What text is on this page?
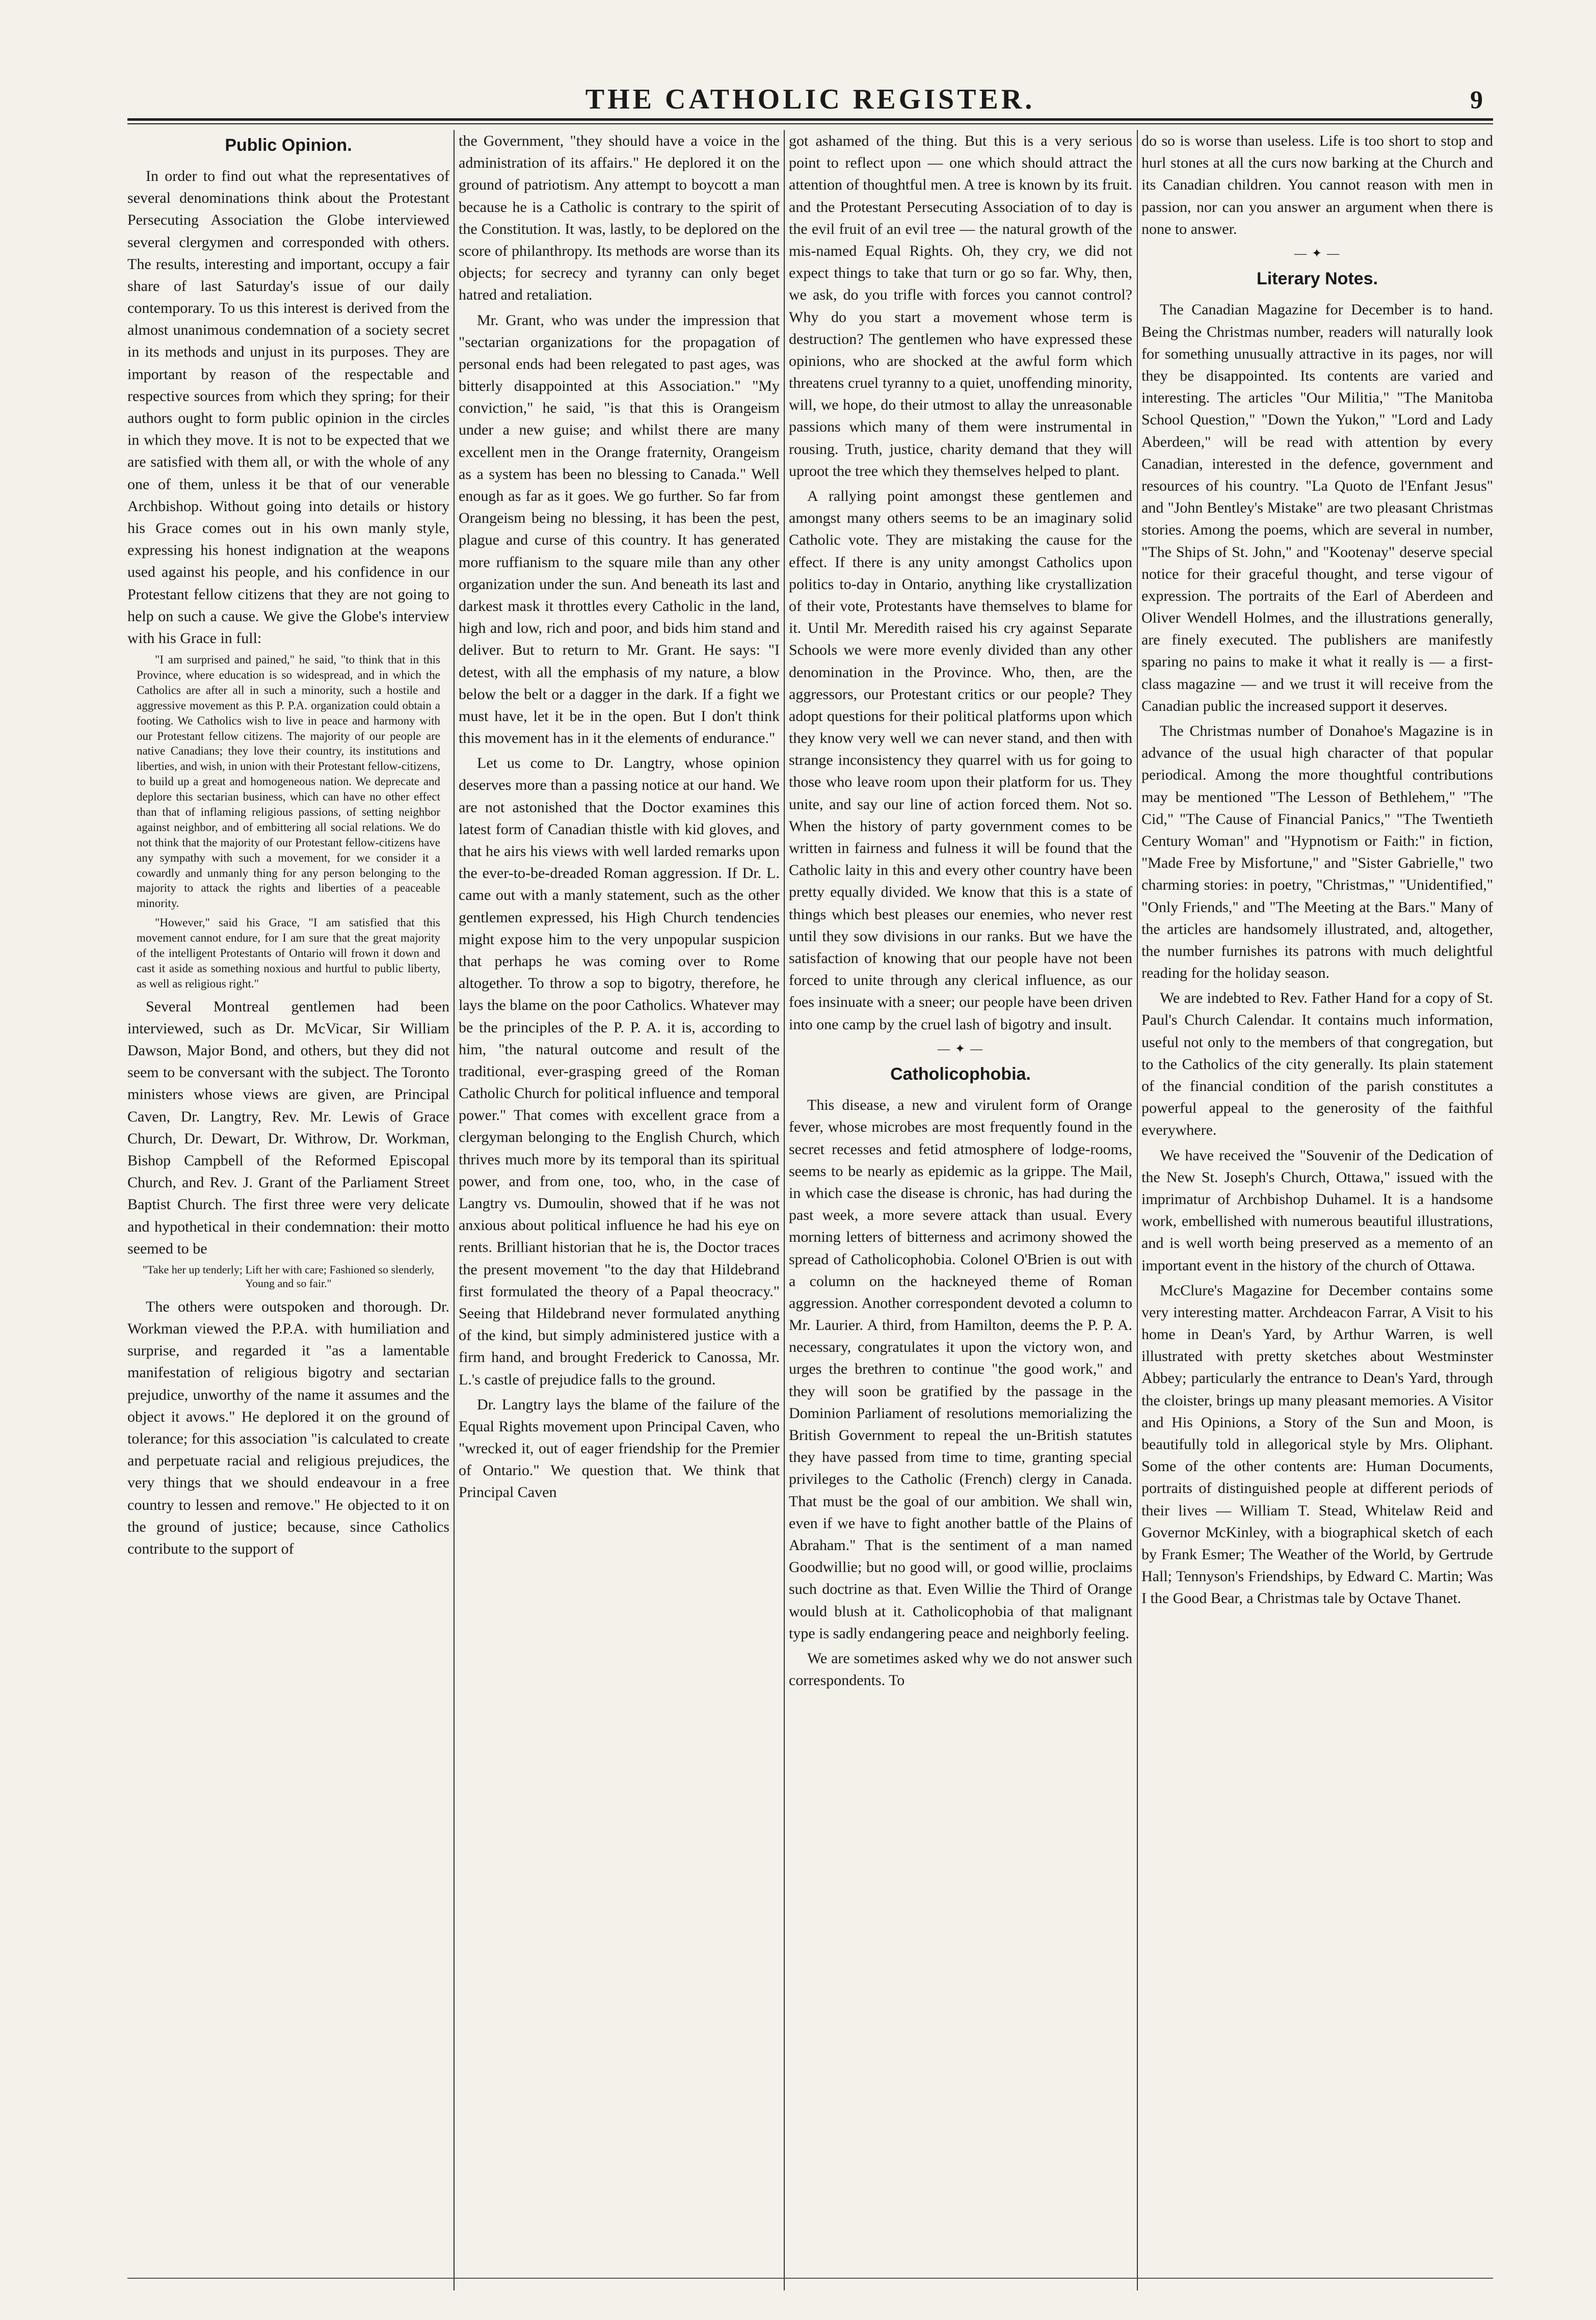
THE CATHOLIC REGISTER.	9
Public Opinion.

In order to find out what the representatives of several denominations think about the Protestant Persecuting Association the Globe interviewed several clergymen and corresponded with others. The results, interesting and important, occupy a fair share of last Saturday's issue of our daily contemporary. To us this interest is derived from the almost unanimous condemnation of a society secret in its methods and unjust in its purposes. They are important by reason of the respectable and respective sources from which they spring; for their authors ought to form public opinion in the circles in which they move. It is not to be expected that we are satisfied with them all, or with the whole of any one of them, unless it be that of our venerable Archbishop. Without going into details or history his Grace comes out in his own manly style, expressing his honest indignation at the weapons used against his people, and his confidence in our Protestant fellow citizens that they are not going to help on such a cause. We give the Globe's interview with his Grace in full:

"I am surprised and pained," he said, "to think that in this Province, where education is so widespread, and in which the Catholics are after all in such a minority, such a hostile and aggressive movement as this P. P.A. organization could obtain a footing. We Catholics wish to live in peace and harmony with our Protestant fellow citizens. The majority of our people are native Canadians; they love their country, its institutions and liberties, and wish, in union with their Protestant fellow-citizens, to build up a great and homogeneous nation. We deprecate and deplore this sectarian business, which can have no other effect than that of inflaming religious passions, of setting neighbor against neighbor, and of embittering all social relations. We do not think that the majority of our Protestant fellow-citizens have any sympathy with such a movement, for we consider it a cowardly and unmanly thing for any person belonging to the majority to attack the rights and liberties of a peaceable minority.

"However," said his Grace, "I am satisfied that this movement cannot endure, for I am sure that the great majority of the intelligent Protestants of Ontario will frown it down and cast it aside as something noxious and hurtful to public liberty, as well as religious right."

Several Montreal gentlemen had been interviewed, such as Dr. McVicar, Sir William Dawson, Major Bond, and others, but they did not seem to be conversant with the subject. The Toronto ministers whose views are given, are Principal Caven, Dr. Langtry, Rev. Mr. Lewis of Grace Church, Dr. Dewart, Dr. Withrow, Dr. Workman, Bishop Campbell of the Reformed Episcopal Church, and Rev. J. Grant of the Parliament Street Baptist Church. The first three were very delicate and hypothetical in their condemnation: their motto seemed to be

"Take her up tenderly; Lift her with care; Fashioned so slenderly, Young and so fair."

The others were outspoken and thorough. Dr. Workman viewed the P.P.A. with humiliation and surprise, and regarded it "as a lamentable manifestation of religious bigotry and sectarian prejudice, unworthy of the name it assumes and the object it avows." He deplored it on the ground of tolerance; for this association "is calculated to create and perpetuate racial and religious prejudices, the very things that we should endeavour in a free country to lessen and remove." He objected to it on the ground of justice; because, since Catholics contribute to the support of

the Government, "they should have a voice in the administration of its affairs." He deplored it on the ground of patriotism. Any attempt to boycott a man because he is a Catholic is contrary to the spirit of the Constitution. It was, lastly, to be deplored on the score of philanthropy. Its methods are worse than its objects; for secrecy and tyranny can only beget hatred and retaliation.

Mr. Grant, who was under the impression that "sectarian organizations for the propagation of personal ends had been relegated to past ages, was bitterly disappointed at this Association." "My conviction," he said, "is that this is Orangeism under a new guise; and whilst there are many excellent men in the Orange fraternity, Orangeism as a system has been no blessing to Canada." Well enough as far as it goes. We go further. So far from Orangeism being no blessing, it has been the pest, plague and curse of this country. It has generated more ruffianism to the square mile than any other organization under the sun. And beneath its last and darkest mask it throttles every Catholic in the land, high and low, rich and poor, and bids him stand and deliver. But to return to Mr. Grant. He says: "I detest, with all the emphasis of my nature, a blow below the belt or a dagger in the dark. If a fight we must have, let it be in the open. But I don't think this movement has in it the elements of endurance."

Let us come to Dr. Langtry, whose opinion deserves more than a passing notice at our hand. We are not astonished that the Doctor examines this latest form of Canadian thistle with kid gloves, and that he airs his views with well larded remarks upon the ever-to-be-dreaded Roman aggression. If Dr. L. came out with a manly statement, such as the other gentlemen expressed, his High Church tendencies might expose him to the very unpopular suspicion that perhaps he was coming over to Rome altogether. To throw a sop to bigotry, therefore, he lays the blame on the poor Catholics. Whatever may be the principles of the P. P. A. it is, according to him, "the natural outcome and result of the traditional, ever-grasping greed of the Roman Catholic Church for political influence and temporal power." That comes with excellent grace from a clergyman belonging to the English Church, which thrives much more by its temporal than its spiritual power, and from one, too, who, in the case of Langtry vs. Dumoulin, showed that if he was not anxious about political influence he had his eye on rents. Brilliant historian that he is, the Doctor traces the present movement "to the day that Hildebrand first formulated the theory of a Papal theocracy." Seeing that Hildebrand never formulated anything of the kind, but simply administered justice with a firm hand, and brought Frederick to Canossa, Mr. L.'s castle of prejudice falls to the ground.

Dr. Langtry lays the blame of the failure of the Equal Rights movement upon Principal Caven, who "wrecked it, out of eager friendship for the Premier of Ontario." We question that. We think that Principal Caven

got ashamed of the thing. But this is a very serious point to reflect upon — one which should attract the attention of thoughtful men. A tree is known by its fruit. and the Protestant Persecuting Association of to day is the evil fruit of an evil tree — the natural growth of the mis-named Equal Rights. Oh, they cry, we did not expect things to take that turn or go so far. Why, then, we ask, do you trifle with forces you cannot control? Why do you start a movement whose term is destruction? The gentlemen who have expressed these opinions, who are shocked at the awful form which threatens cruel tyranny to a quiet, unoffending minority, will, we hope, do their utmost to allay the unreasonable passions which many of them were instrumental in rousing. Truth, justice, charity demand that they will uproot the tree which they themselves helped to plant.

A rallying point amongst these gentlemen and amongst many others seems to be an imaginary solid Catholic vote. They are mistaking the cause for the effect. If there is any unity amongst Catholics upon politics to-day in Ontario, anything like crystallization of their vote, Protestants have themselves to blame for it. Until Mr. Meredith raised his cry against Separate Schools we were more evenly divided than any other denomination in the Province. Who, then, are the aggressors, our Protestant critics or our people? They adopt questions for their political platforms upon which they know very well we can never stand, and then with strange inconsistency they quarrel with us for going to those who leave room upon their platform for us. They unite, and say our line of action forced them. Not so. When the history of party government comes to be written in fairness and fulness it will be found that the Catholic laity in this and every other country have been pretty equally divided. We know that this is a state of things which best pleases our enemies, who never rest until they sow divisions in our ranks. But we have the satisfaction of knowing that our people have not been forced to unite through any clerical influence, as our foes insinuate with a sneer; our people have been driven into one camp by the cruel lash of bigotry and insult.

— ✦ —
Catholicophobia.

This disease, a new and virulent form of Orange fever, whose microbes are most frequently found in the secret recesses and fetid atmosphere of lodge-rooms, seems to be nearly as epidemic as la grippe. The Mail, in which case the disease is chronic, has had during the past week, a more severe attack than usual. Every morning letters of bitterness and acrimony showed the spread of Catholicophobia. Colonel O'Brien is out with a column on the hackneyed theme of Roman aggression. Another correspondent devoted a column to Mr. Laurier. A third, from Hamilton, deems the P. P. A. necessary, congratulates it upon the victory won, and urges the brethren to continue "the good work," and they will soon be gratified by the passage in the Dominion Parliament of resolutions memorializing the British Government to repeal the un-British statutes they have passed from time to time, granting special privileges to the Catholic (French) clergy in Canada. That must be the goal of our ambition. We shall win, even if we have to fight another battle of the Plains of Abraham." That is the sentiment of a man named Goodwillie; but no good will, or good willie, proclaims such doctrine as that. Even Willie the Third of Orange would blush at it. Catholicophobia of that malignant type is sadly endangering peace and neighborly feeling.

We are sometimes asked why we do not answer such correspondents. To

do so is worse than useless. Life is too short to stop and hurl stones at all the curs now barking at the Church and its Canadian children. You cannot reason with men in passion, nor can you answer an argument when there is none to answer.

— ✦ —
Literary Notes.

The Canadian Magazine for December is to hand. Being the Christmas number, readers will naturally look for something unusually attractive in its pages, nor will they be disappointed. Its contents are varied and interesting. The articles "Our Militia," "The Manitoba School Question," "Down the Yukon," "Lord and Lady Aberdeen," will be read with attention by every Canadian, interested in the defence, government and resources of his country. "La Quoto de l'Enfant Jesus" and "John Bentley's Mistake" are two pleasant Christmas stories. Among the poems, which are several in number, "The Ships of St. John," and "Kootenay" deserve special notice for their graceful thought, and terse vigour of expression. The portraits of the Earl of Aberdeen and Oliver Wendell Holmes, and the illustrations generally, are finely executed. The publishers are manifestly sparing no pains to make it what it really is — a first-class magazine — and we trust it will receive from the Canadian public the increased support it deserves.

The Christmas number of Donahoe's Magazine is in advance of the usual high character of that popular periodical. Among the more thoughtful contributions may be mentioned "The Lesson of Bethlehem," "The Cid," "The Cause of Financial Panics," "The Twentieth Century Woman" and "Hypnotism or Faith:" in fiction, "Made Free by Misfortune," and "Sister Gabrielle," two charming stories: in poetry, "Christmas," "Unidentified," "Only Friends," and "The Meeting at the Bars." Many of the articles are handsomely illustrated, and, altogether, the number furnishes its patrons with much delightful reading for the holiday season.

We are indebted to Rev. Father Hand for a copy of St. Paul's Church Calendar. It contains much information, useful not only to the members of that congregation, but to the Catholics of the city generally. Its plain statement of the financial condition of the parish constitutes a powerful appeal to the generosity of the faithful everywhere.

We have received the "Souvenir of the Dedication of the New St. Joseph's Church, Ottawa," issued with the imprimatur of Archbishop Duhamel. It is a handsome work, embellished with numerous beautiful illustrations, and is well worth being preserved as a memento of an important event in the history of the church of Ottawa.

McClure's Magazine for December contains some very interesting matter. Archdeacon Farrar, A Visit to his home in Dean's Yard, by Arthur Warren, is well illustrated with pretty sketches about Westminster Abbey; particularly the entrance to Dean's Yard, through the cloister, brings up many pleasant memories. A Visitor and His Opinions, a Story of the Sun and Moon, is beautifully told in allegorical style by Mrs. Oliphant. Some of the other contents are: Human Documents, portraits of distinguished people at different periods of their lives — William T. Stead, Whitelaw Reid and Governor McKinley, with a biographical sketch of each by Frank Esmer; The Weather of the World, by Gertrude Hall; Tennyson's Friendships, by Edward C. Martin; Was I the Good Bear, a Christmas tale by Octave Thanet.
